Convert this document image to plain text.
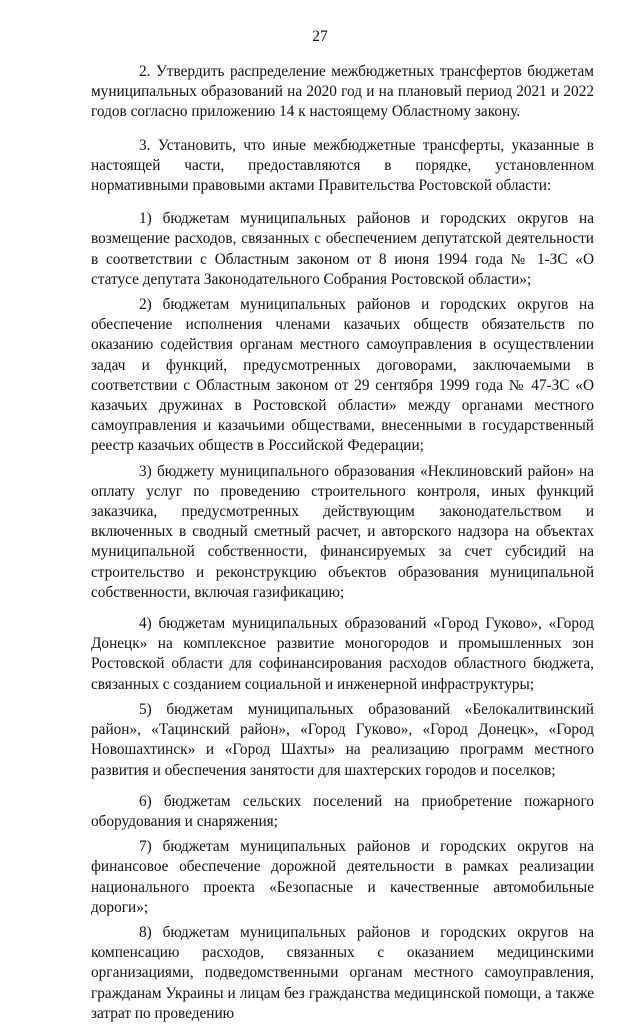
27

2. Утвердить распределение межбюджетных трансфертов бюджетам муниципальных образований на 2020 год и на плановый период 2021 и 2022 годов согласно приложению 14 к настоящему Областному закону.

3. Установить, что иные межбюджетные трансферты, указанные в настоящей части, предоставляются в порядке, установленном нормативными правовыми актами Правительства Ростовской области:

1) бюджетам муниципальных районов и городских округов на возмещение расходов, связанных с обеспечением депутатской деятельности в соответствии с Областным законом от 8 июня 1994 года № 1-ЗС «О статусе депутата Законодательного Собрания Ростовской области»;

2) бюджетам муниципальных районов и городских округов на обеспечение исполнения членами казачьих обществ обязательств по оказанию содействия органам местного самоуправления в осуществлении задач и функций, предусмотренных договорами, заключаемыми в соответствии с Областным законом от 29 сентября 1999 года № 47-ЗС «О казачьих дружинах в Ростовской области» между органами местного самоуправления и казачьими обществами, внесенными в государственный реестр казачьих обществ в Российской Федерации;

3) бюджету муниципального образования «Неклиновский район» на оплату услуг по проведению строительного контроля, иных функций заказчика, предусмотренных действующим законодательством и включенных в сводный сметный расчет, и авторского надзора на объектах муниципальной собственности, финансируемых за счет субсидий на строительство и реконструкцию объектов образования муниципальной собственности, включая газификацию;

4) бюджетам муниципальных образований «Город Гуково», «Город Донецк» на комплексное развитие моногородов и промышленных зон Ростовской области для софинансирования расходов областного бюджета, связанных с созданием социальной и инженерной инфраструктуры;

5) бюджетам муниципальных образований «Белокалитвинский район», «Тацинский район», «Город Гуково», «Город Донецк», «Город Новошахтинск» и «Город Шахты» на реализацию программ местного развития и обеспечения занятости для шахтерских городов и поселков;

6) бюджетам сельских поселений на приобретение пожарного оборудования и снаряжения;

7) бюджетам муниципальных районов и городских округов на финансовое обеспечение дорожной деятельности в рамках реализации национального проекта «Безопасные и качественные автомобильные дороги»;

8) бюджетам муниципальных районов и городских округов на компенсацию расходов, связанных с оказанием медицинскими организациями, подведомственными органам местного самоуправления, гражданам Украины и лицам без гражданства медицинской помощи, а также затрат по проведению
